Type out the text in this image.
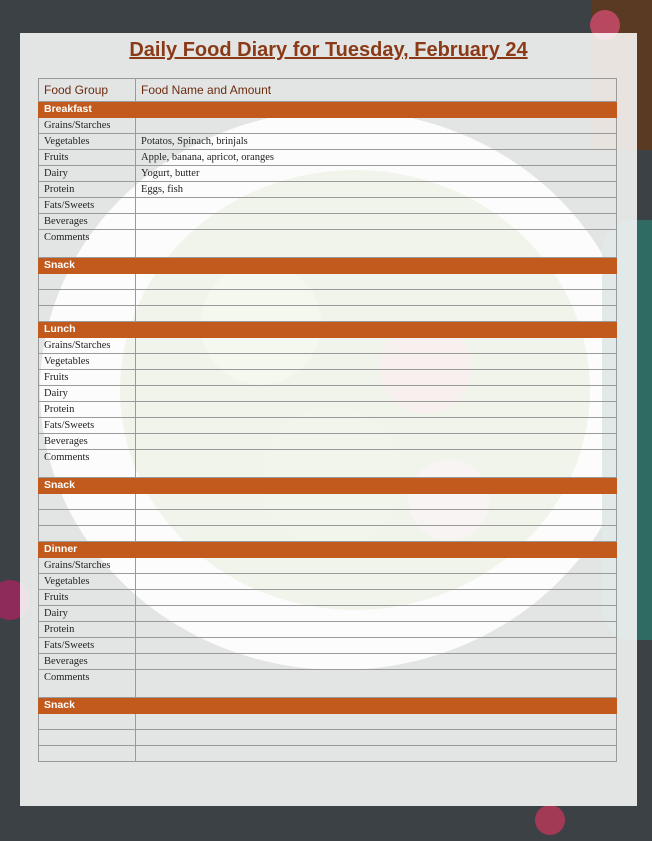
Daily Food Diary for Tuesday, February 24
Food Group	Food Name and Amount
Breakfast	
Grains/Starches	
Vegetables	Potatos, Spinach, brinjals
Fruits	Apple, banana, apricot, oranges
Dairy	Yogurt, butter
Protein	Eggs, fish
Fats/Sweets	
Beverages	
Comments	
Snack	

Lunch	
Grains/Starches	
Vegetables	
Fruits	
Dairy	
Protein	
Fats/Sweets	
Beverages	
Comments	
Snack	

Dinner	
Grains/Starches	
Vegetables	
Fruits	
Dairy	
Protein	
Fats/Sweets	
Beverages	
Comments	
Snack	
